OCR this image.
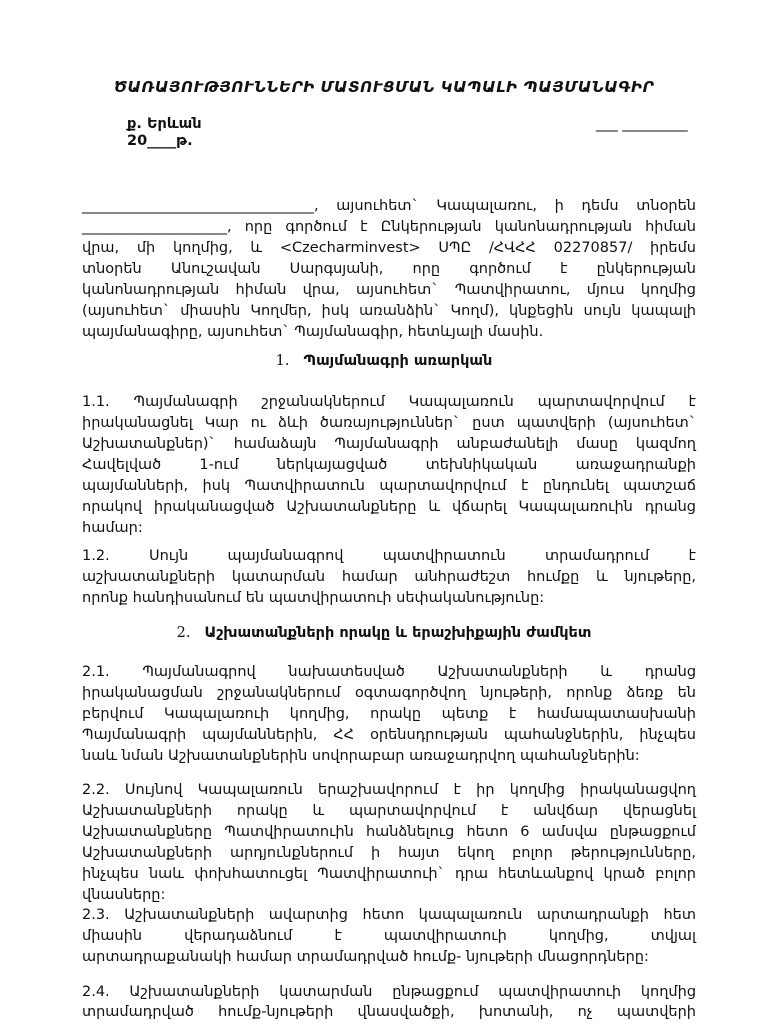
ԾԱՌԱՅՈՒԹՅՈՒՆՆԵՐԻ ՄԱՏՈՒՑՄԱՆ ԿԱՊԱԼԻ ՊԱՅՄԱՆԱԳԻՐ
ք. Երևան	___ _________
20____թ.
________________________________, այսուհետ` Կապալառու, ի դեմս տնօրեն
____________________, որը գործում է Ընկերության կանոնադրության հիման
վրա, մի կողմից, և <Czecharminvest> ՍՊԸ /ՀՎՀՀ 02270857/ իրեմս
տնօրեն Անուշավան Սարգսյանի, որը գործում է ընկերության
կանոնադրության հիման վրա, այսուհետ` Պատվիրատու, մյուս կողմից
(այսուհետ` միասին Կողմեր, իսկ առանձին` Կողմ), կնքեցին սույն կապալի
պայմանագիրը, այսուհետ` Պայմանագիր, հետևյալի մասին.
1. Պայմանագրի առարկան
1.1. Պայմանագրի շրջանակներում Կապալառուն պարտավորվում է
իրականացնել Կար ու ձևի ծառայություններ` ըստ պատվերի (այսուհետ`
Աշխատանքներ)` համաձայն Պայմանագրի անբաժանելի մասը կազմող
Հավելված 1-ում ներկայացված տեխնիկական առաջադրանքի
պայմանների, իսկ Պատվիրատուն պարտավորվում է ընդունել պատշաճ
որակով իրականացված Աշխատանքները և վճարել Կապալառուին դրանց
համար:
1.2. Սույն պայմանագրով պատվիրատուն տրամադրում է
աշխատանքների կատարման համար անհրաժեշտ հումքը և նյութերը,
որոնք հանդիսանում են պատվիրատուի սեփականությունը:
2. Աշխատանքների որակը և երաշխիքային ժամկետ
2.1. Պայմանագրով նախատեսված Աշխատանքների և դրանց
իրականացման շրջանակներում օգտագործվող նյութերի, որոնք ձեռք են
բերվում Կապալառուի կողմից, որակը պետք է համապատասխանի
Պայմանագրի պայմաններին, ՀՀ օրենսդրության պահանջներին, ինչպես
նաև նման Աշխատանքներին սովորաբար առաջադրվող պահանջներին:
2.2. Սույնով Կապալառուն երաշխավորում է իր կողմից իրականացվող
Աշխատանքների որակը և պարտավորվում է անվճար վերացնել
Աշխատանքները Պատվիրատուին հանձնելուց հետո 6 ամսվա ընթացքում
Աշխատանքների արդյունքներում ի հայտ եկող բոլոր թերությունները,
ինչպես նաև փոխհատուցել Պատվիրատուի` դրա հետևանքով կրած բոլոր
վնասները:
2.3. Աշխատանքների ավարտից հետո կապալառուն արտադրանքի հետ
միասին վերադաձնում է պատվիրատուի կողմից, տվյալ
արտադրաքանակի համար տրամադրված հումք- նյութերի մնացորդները:
2.4. Աշխատանքների կատարման ընթացքում պատվիրատուի կողմից
տրամադրված հումք-նյութերի վնասվածքի, խոտանի, ոչ պատվերի
